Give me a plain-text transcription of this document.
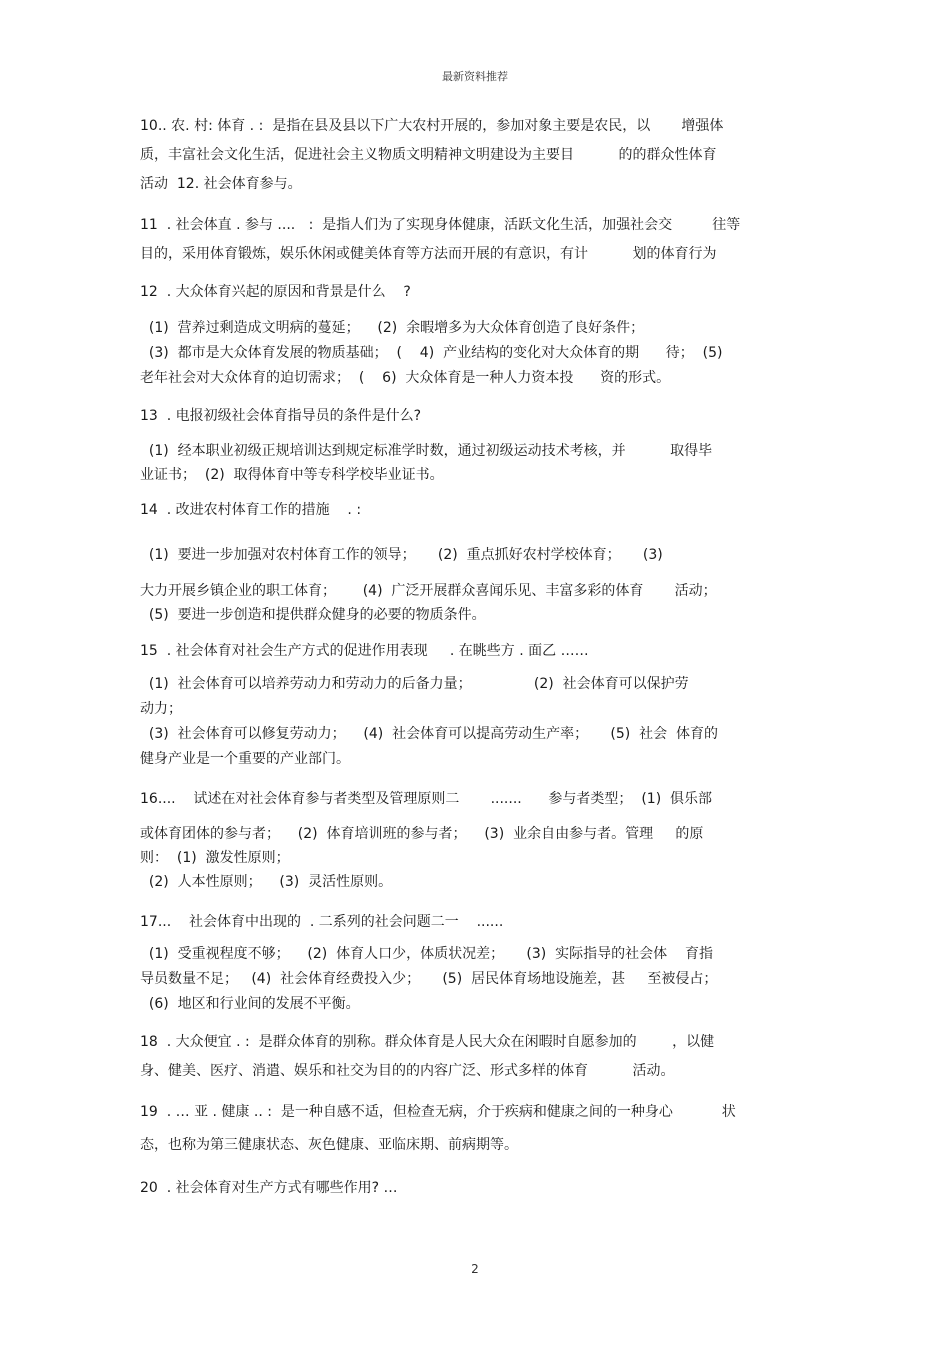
最新资料推荐
10.. 农. 村: 体育 . :  是指在县及县以下广大农村开展的，参加对象主要是农民，以       增强体
质，丰富社会文化生活，促进社会主义物质文明精神文明建设为主要目          的的群众性体育
活动  12. 社会体育参与。
11  . 社会体直 . 参与 ....   :  是指人们为了实现身体健康，活跃文化生活，加强社会交         往等
目的，采用体育锻炼，娱乐休闲或健美体育等方法而开展的有意识，有计          划的体育行为
12  . 大众体育兴起的原因和背景是什么    ?
(1)  营养过剩造成文明病的蔓延；    (2)  余暇增多为大众体育创造了良好条件；
(3)  都市是大众体育发展的物质基础；  (    4)  产业结构的变化对大众体育的期      待；  (5)
老年社会对大众体育的迫切需求；  (    6)  大众体育是一种人力资本投      资的形式。
13  . 电报初级社会体育指导员的条件是什么?
(1)  经本职业初级正规培训达到规定标准学时数，通过初级运动技术考核，并          取得毕
业证书；  (2)  取得体育中等专科学校毕业证书。
14  . 改进农村体育工作的措施    . :
(1)  要进一步加强对农村体育工作的领导；     (2)  重点抓好农村学校体育；     (3)
大力开展乡镇企业的职工体育；      (4)  广泛开展群众喜闻乐见、丰富多彩的体育       活动；
(5)  要进一步创造和提供群众健身的必要的物质条件。
15  . 社会体育对社会生产方式的促进作用表现     . 在眺些方 . 面乙 ……
(1)  社会体育可以培养劳动力和劳动力的后备力量；              (2)  社会体育可以保护劳
动力；
(3)  社会体育可以修复劳动力；    (4)  社会体育可以提高劳动生产率；     (5)  社会  体育的
健身产业是一个重要的产业部门。
16....    试述在对社会体育参与者类型及管理原则二       .......      参与者类型；  (1)  俱乐部
或体育团体的参与者；    (2)  体育培训班的参与者；    (3)  业余自由参与者。管理     的原
则：  (1)  激发性原则；
(2)  人本性原则；    (3)  灵活性原则。
17...    社会体育中出现的  . 二系列的社会问题二一    ......
(1)  受重视程度不够；    (2)  体育人口少，体质状况差；     (3)  实际指导的社会体    育指
导员数量不足；   (4)  社会体育经费投入少；     (5)  居民体育场地设施差，甚     至被侵占；
(6)  地区和行业间的发展不平衡。
18  . 大众便宜 . :  是群众体育的别称。群众体育是人民大众在闲暇时自愿参加的        ，以健
身、健美、医疗、消遣、娱乐和社交为目的的内容广泛、形式多样的体育          活动。
19  . … 亚 . 健康 .. :  是一种自感不适，但检查无病，介于疾病和健康之间的一种身心           状
态，也称为第三健康状态、灰色健康、亚临床期、前病期等。
20  . 社会体育对生产方式有哪些作用? …
2
